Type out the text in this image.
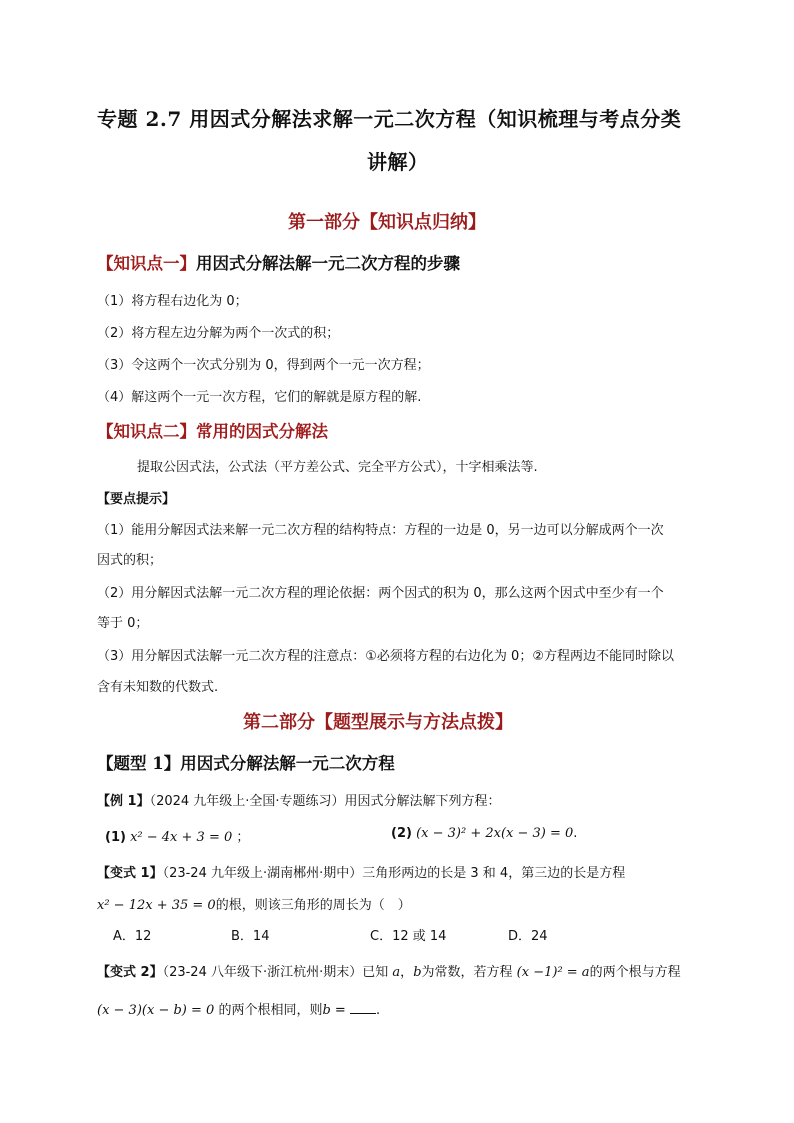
专题 2.7 用因式分解法求解一元二次方程（知识梳理与考点分类
讲解）
第一部分【知识点归纳】
【知识点一】用因式分解法解一元二次方程的步骤
（1）将方程右边化为 0；
（2）将方程左边分解为两个一次式的积；
（3）令这两个一次式分别为 0，得到两个一元一次方程；
（4）解这两个一元一次方程，它们的解就是原方程的解.
【知识点二】常用的因式分解法
提取公因式法，公式法（平方差公式、完全平方公式），十字相乘法等.
【要点提示】
（1）能用分解因式法来解一元二次方程的结构特点：方程的一边是 0，另一边可以分解成两个一次
因式的积；
（2）用分解因式法解一元二次方程的理论依据：两个因式的积为 0，那么这两个因式中至少有一个
等于 0；
（3）用分解因式法解一元二次方程的注意点：①必须将方程的右边化为 0；②方程两边不能同时除以
含有未知数的代数式.
第二部分【题型展示与方法点拨】
【题型 1】用因式分解法解一元二次方程
【例 1】（2024 九年级上·全国·专题练习）用因式分解法解下列方程：
(1) x² − 4x + 3 = 0 ；	(2) (x − 3)² + 2x(x − 3) = 0.
【变式 1】（23-24 九年级上·湖南郴州·期中）三角形两边的长是 3 和 4，第三边的长是方程
x² − 12x + 35 = 0的根，则该三角形的周长为（　）
A．12	B．14	C．12 或 14	D．24
【变式 2】（23-24 八年级下·浙江杭州·期末）已知 a，b为常数，若方程 (x −1)² = a的两个根与方程
(x − 3)(x − b) = 0 的两个根相同，则b = .
